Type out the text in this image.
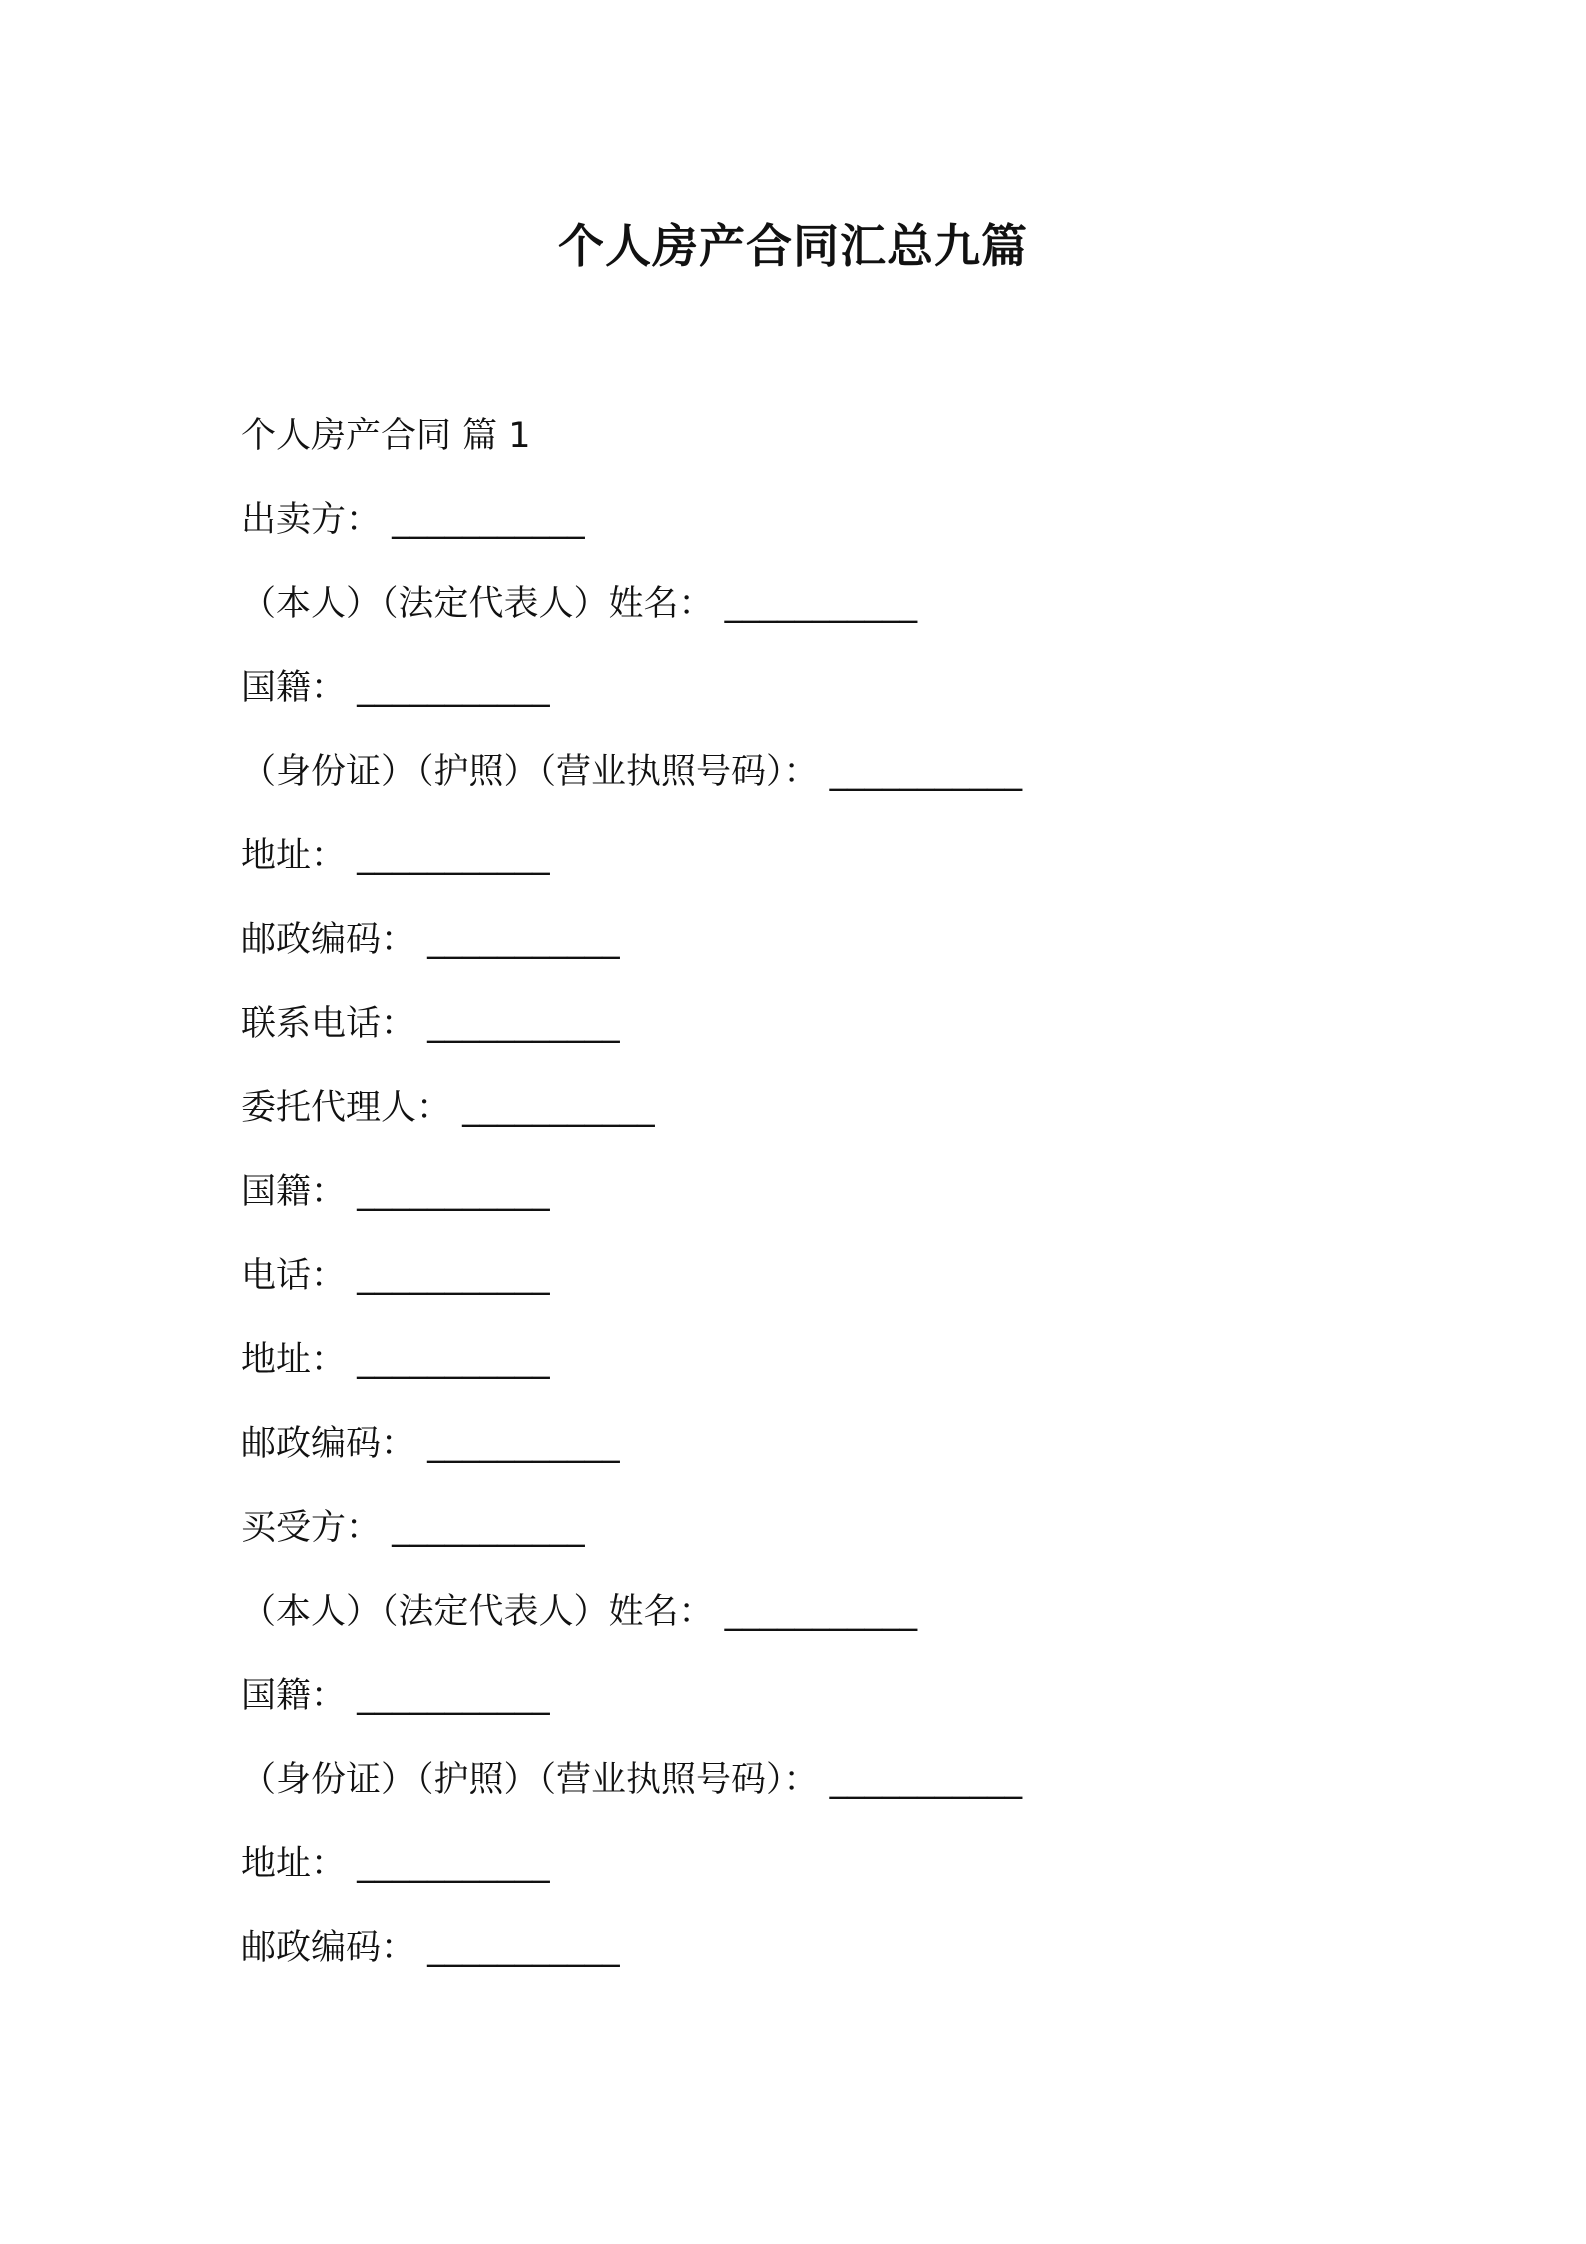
个人房产合同汇总九篇
个人房产合同 篇 1
出卖方： ___________
（本人）（法定代表人）姓名： ___________
国籍： ___________
（身份证）（护照）（营业执照号码）： ___________
地址： ___________
邮政编码： ___________
联系电话： ___________
委托代理人： ___________
国籍： ___________
电话： ___________
地址： ___________
邮政编码： ___________
买受方： ___________
（本人）（法定代表人）姓名： ___________
国籍： ___________
（身份证）（护照）（营业执照号码）： ___________
地址： ___________
邮政编码： ___________
